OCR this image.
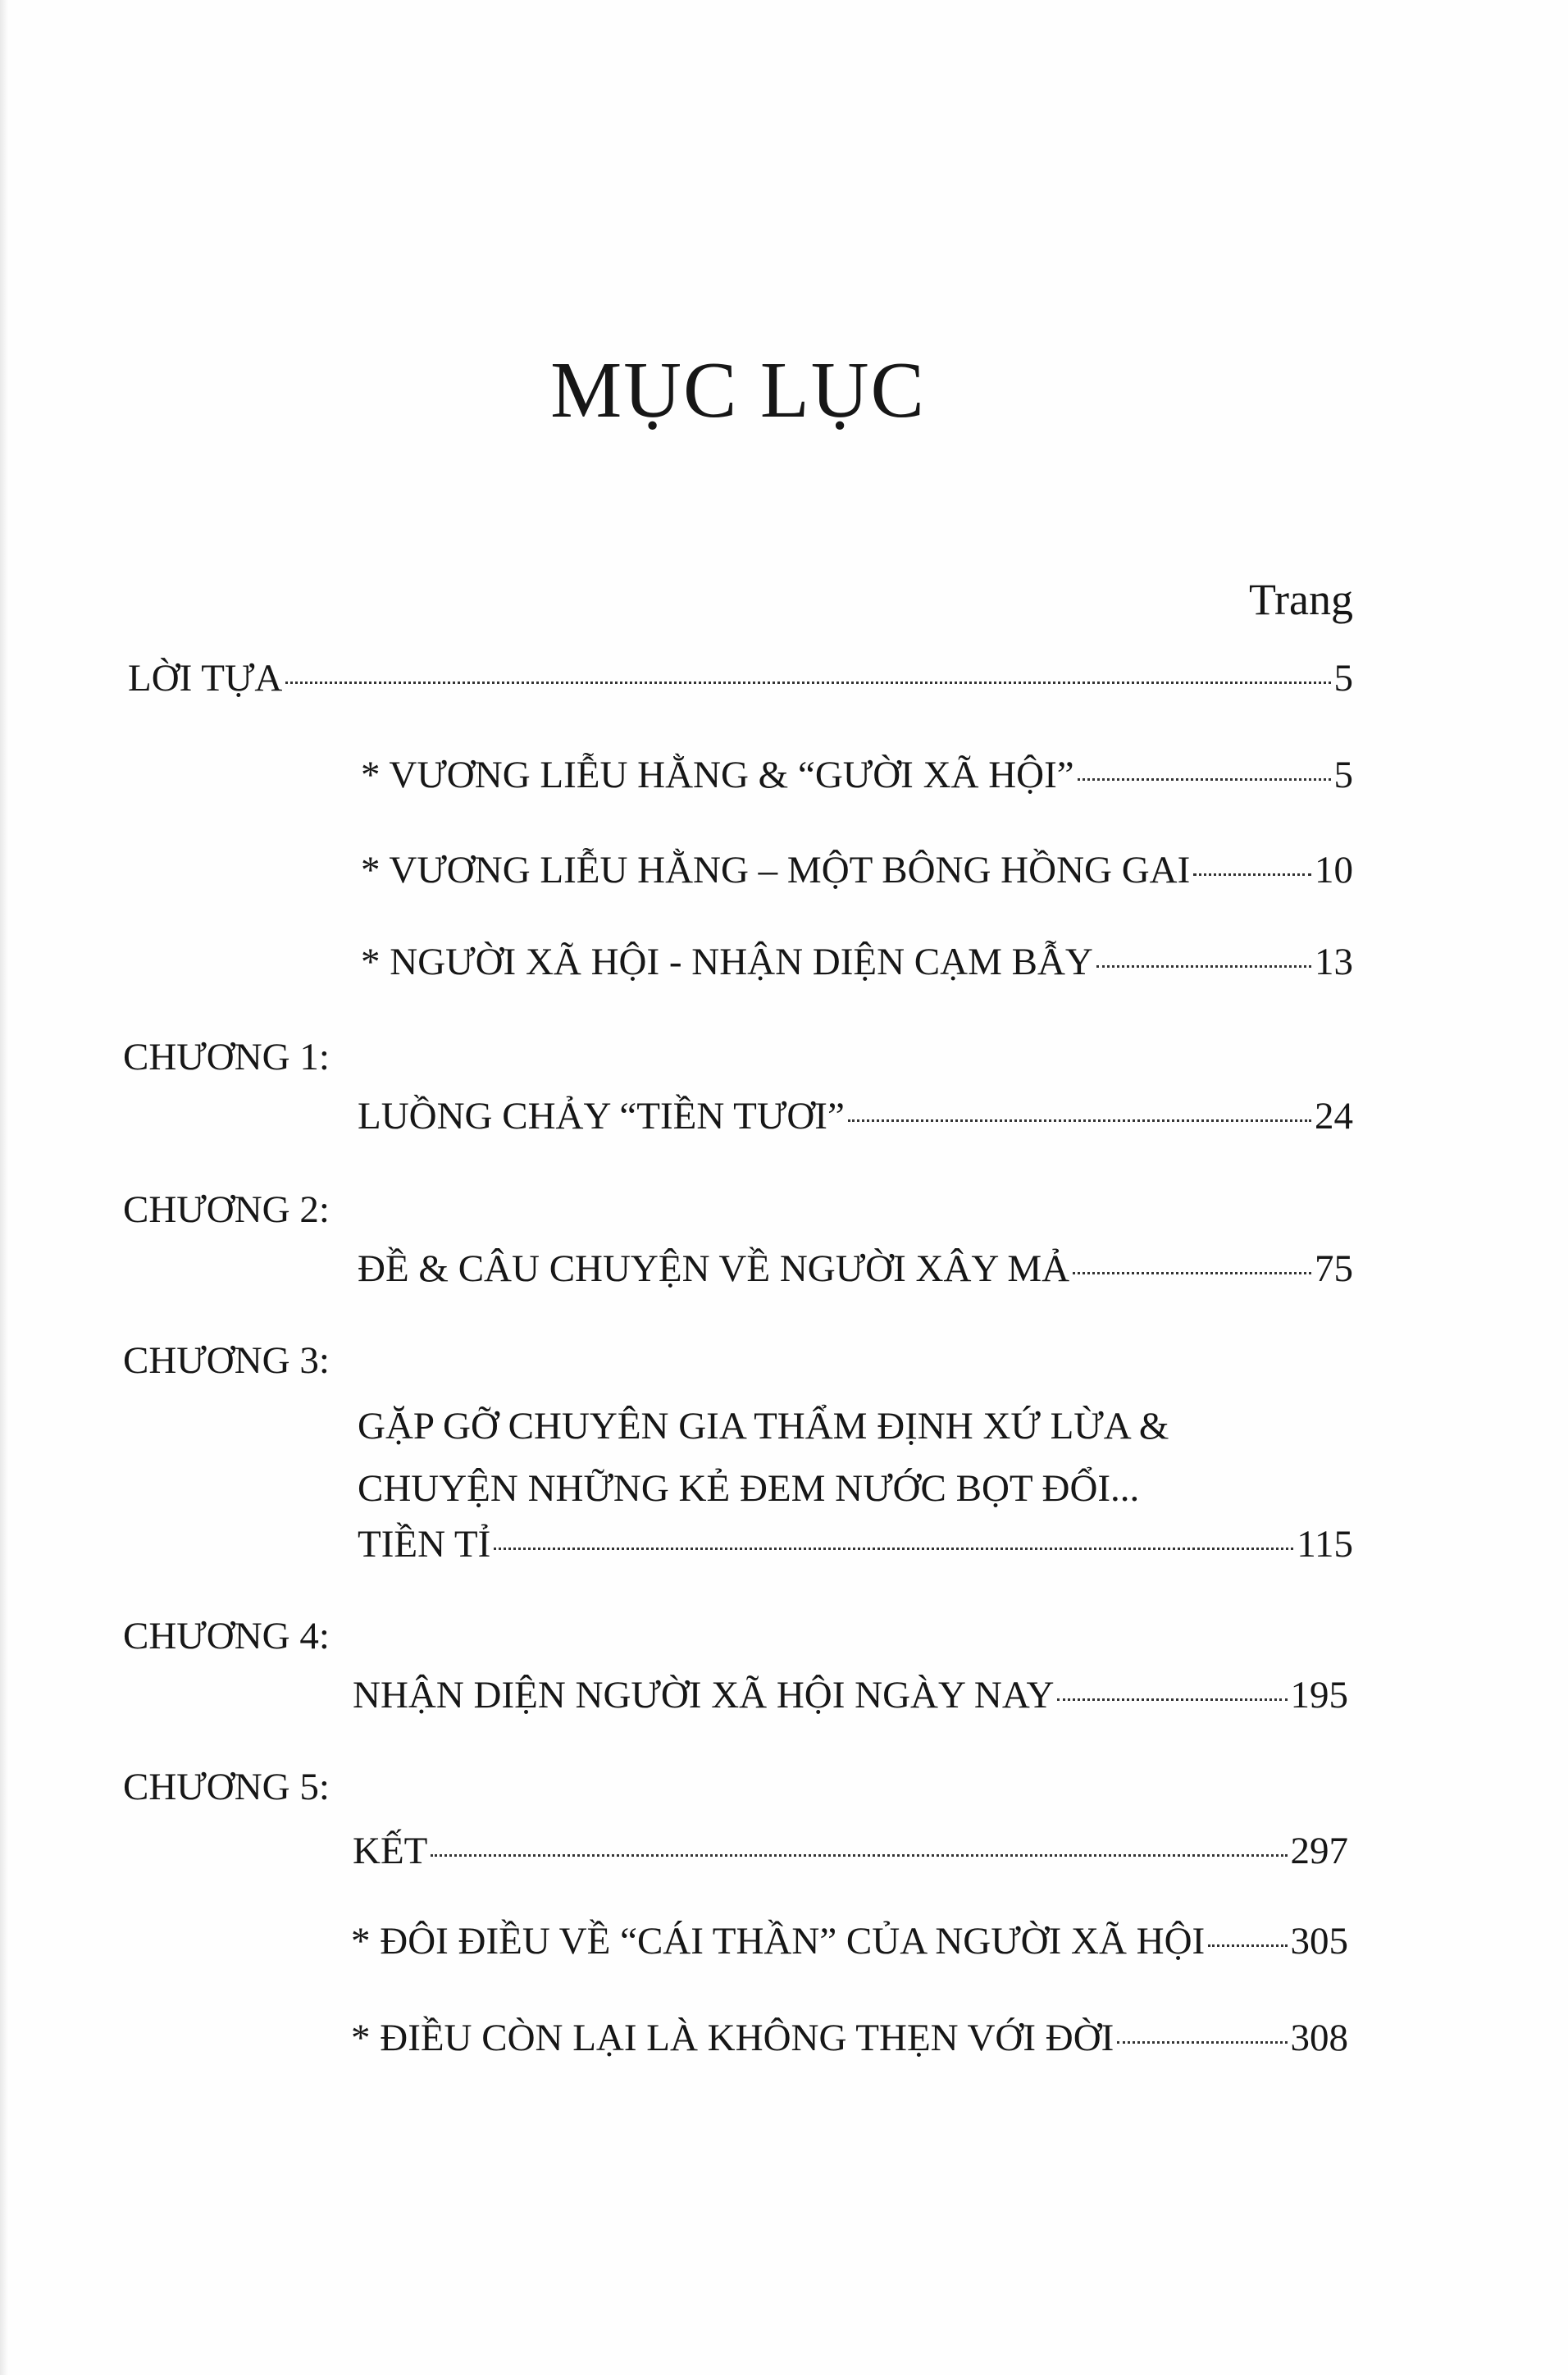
MỤC LỤC
Trang
LỜI TỰA	5
* VƯƠNG LIỄU HẰNG & “GƯỜI XÃ HỘI”	5
* VƯƠNG LIỄU HẰNG – MỘT BÔNG HỒNG GAI	10
* NGƯỜI XÃ HỘI - NHẬN DIỆN CẠM BẪY	13
CHƯƠNG 1:
LUỒNG CHẢY “TIỀN TƯƠI”	24
CHƯƠNG 2:
ĐỀ & CÂU CHUYỆN VỀ NGƯỜI XÂY MẢ	75
CHƯƠNG 3:
GẶP GỠ CHUYÊN GIA THẨM ĐỊNH XỨ LỪA &
CHUYỆN NHỮNG KẺ ĐEM NƯỚC BỌT ĐỔI...
TIỀN TỈ	115
CHƯƠNG 4:
NHẬN DIỆN NGƯỜI XÃ HỘI NGÀY NAY	195
CHƯƠNG 5:
KẾT	297
* ĐÔI ĐIỀU VỀ “CÁI THẦN” CỦA NGƯỜI XÃ HỘI 305
* ĐIỀU CÒN LẠI LÀ KHÔNG THẸN VỚI ĐỜI	308
